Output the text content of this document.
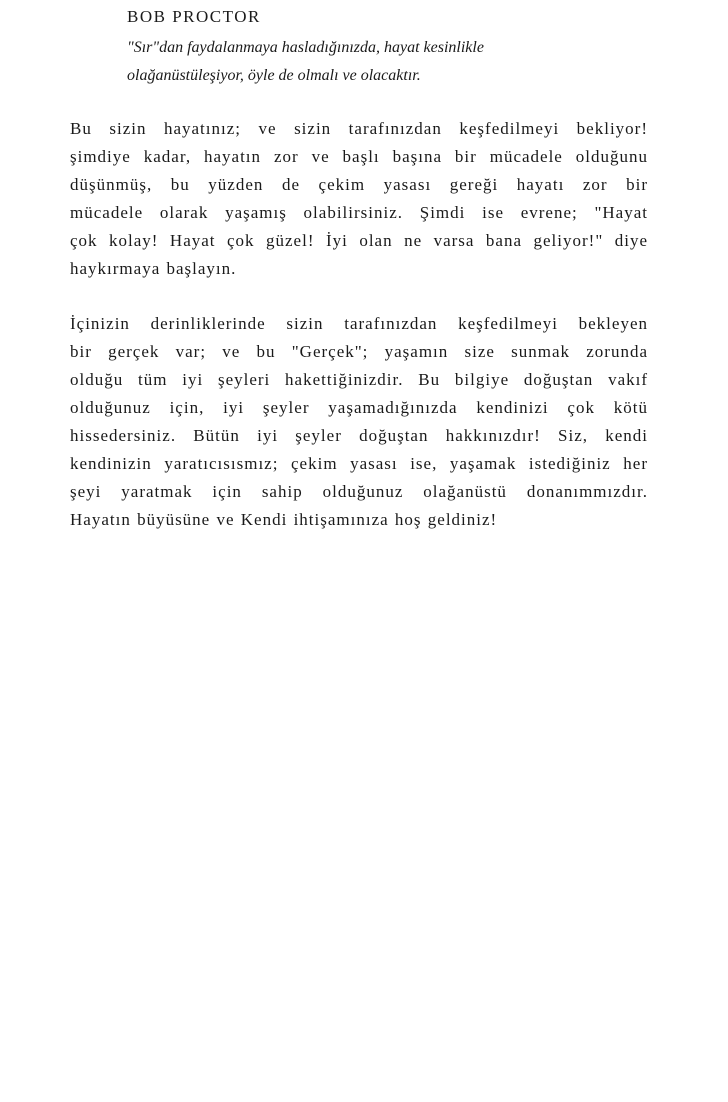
BOB PROCTOR
"Sır"dan faydalanmaya hasladığınızda, hayat kesinlikle
olağanüstüleşiyor, öyle de olmalı ve olacaktır.

Bu sizin hayatınız; ve sizin tarafınızdan keşfedilmeyi bekliyor!
şimdiye kadar, hayatın zor ve başlı başına bir mücadele olduğunu
düşünmüş, bu yüzden de çekim yasası gereği hayatı zor bir
mücadele olarak yaşamış olabilirsiniz. Şimdi ise evrene; "Hayat
çok kolay! Hayat çok güzel! İyi olan ne varsa bana geliyor!" diye
haykırmaya başlayın.

İçinizin derinliklerinde sizin tarafınızdan keşfedilmeyi bekleyen
bir gerçek var; ve bu "Gerçek"; yaşamın size sunmak zorunda
olduğu tüm iyi şeyleri hakettiğinizdir. Bu bilgiye doğuştan vakıf
olduğunuz için, iyi şeyler yaşamadığınızda kendinizi çok kötü
hissedersiniz. Bütün iyi şeyler doğuştan hakkınızdır! Siz, kendi
kendinizin yaratıcısısmız; çekim yasası ise, yaşamak istediğiniz her
şeyi yaratmak için sahip olduğunuz olağanüstü donanımmızdır.
Hayatın büyüsüne ve Kendi ihtişamınıza hoş geldiniz!
